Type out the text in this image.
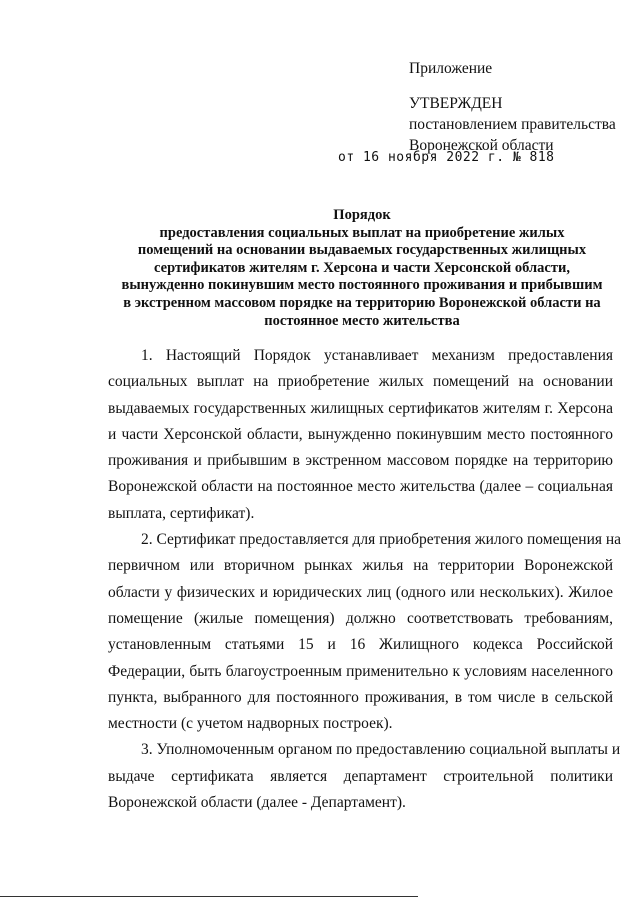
Приложение
УТВЕРЖДЕН
постановлением правительства
Воронежской области
от 16 ноября 2022 г. № 818
Порядок
предоставления социальных выплат на приобретение жилых
помещений на основании выдаваемых государственных жилищных
сертификатов жителям г. Херсона и части Херсонской области,
вынужденно покинувшим место постоянного проживания и прибывшим
в экстренном массовом порядке на территорию Воронежской области на
постоянное место жительства
1. Настоящий Порядок устанавливает механизм предоставления
социальных выплат на приобретение жилых помещений на основании
выдаваемых государственных жилищных сертификатов жителям г. Херсона
и части Херсонской области, вынужденно покинувшим место постоянного
проживания и прибывшим в экстренном массовом порядке на территорию
Воронежской области на постоянное место жительства (далее – социальная
выплата, сертификат).
2. Сертификат предоставляется для приобретения жилого помещения на
первичном или вторичном рынках жилья на территории Воронежской
области у физических и юридических лиц (одного или нескольких). Жилое
помещение (жилые помещения) должно соответствовать требованиям,
установленным статьями 15 и 16 Жилищного кодекса Российской
Федерации, быть благоустроенным применительно к условиям населенного
пункта, выбранного для постоянного проживания, в том числе в сельской
местности (с учетом надворных построек).
3. Уполномоченным органом по предоставлению социальной выплаты и
выдаче сертификата является департамент строительной политики
Воронежской области (далее - Департамент).
